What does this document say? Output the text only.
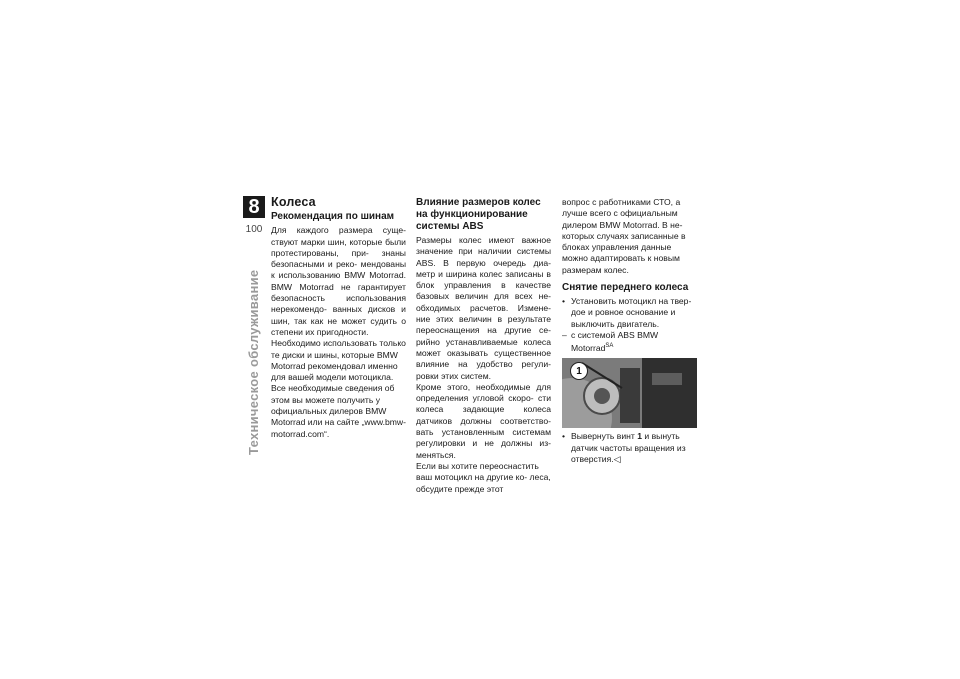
8
100
Техническое обслуживание
Колеса
Рекомендация по шинам

Для каждого размера суще- ствуют марки шин, которые были протестированы, при- знаны безопасными и реко- мендованы к использованию BMW Motorrad. BMW Motorrad не гарантирует безопасность использования нерекомендо- ванных дисков и шин, так как не может судить о степени их пригодности.

Необходимо использовать только те диски и шины, которые BMW Motorrad рекомендовал именно для вашей модели мотоцикла.

Все необходимые сведения об этом вы можете получить у официальных дилеров BMW Motorrad или на сайте „www.bmw-motorrad.com“.

Влияние размеров колес на функционирование системы ABS

Размеры колес имеют важное значение при наличии системы ABS. В первую очередь диа- метр и ширина колес записаны в блок управления в качестве базовых величин для всех не- обходимых расчетов. Измене- ние этих величин в результате переоснащения на другие се- рийно устанавливаемые колеса может оказывать существенное влияние на удобство регули- ровки этих систем.

Кроме этого, необходимые для определения угловой скоро- сти колеса задающие колеса датчиков должны соответство- вать установленным системам регулировки и не должны из- меняться.

Если вы хотите переоснастить ваш мотоцикл на другие ко- леса, обсудите прежде этот

вопрос с работниками СТО, а лучше всего с официальным дилером BMW Motorrad. В не- которых случаях записанные в блоках управления данные можно адаптировать к новым размерам колес.

Снятие переднего колеса
• Установить мотоцикл на твер- дое и ровное основание и выключить двигатель.
– с системой ABS BMW Motorrad$^{SA}$
1
• Вывернуть винт 1 и вынуть датчик частоты вращения из отверстия.◁
